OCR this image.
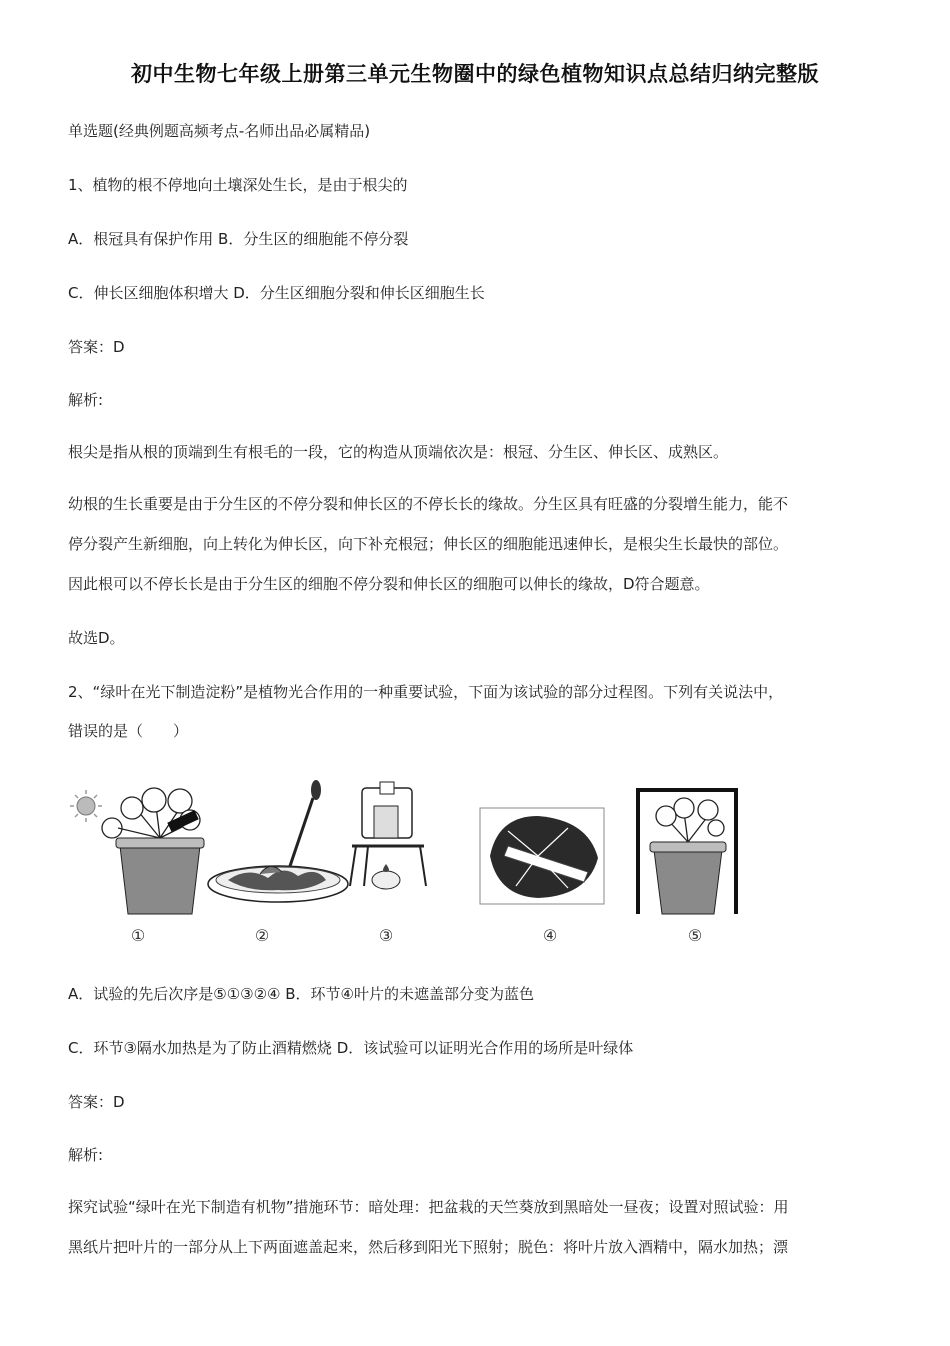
初中生物七年级上册第三单元生物圈中的绿色植物知识点总结归纳完整版
单选题(经典例题高频考点-名师出品必属精品)
1、植物的根不停地向土壤深处生长，是由于根尖的
A．根冠具有保护作用 B．分生区的细胞能不停分裂
C．伸长区细胞体积增大 D．分生区细胞分裂和伸长区细胞生长
答案：D
解析:
根尖是指从根的顶端到生有根毛的一段，它的构造从顶端依次是：根冠、分生区、伸长区、成熟区。
幼根的生长重要是由于分生区的不停分裂和伸长区的不停长长的缘故。分生区具有旺盛的分裂增生能力，能不
停分裂产生新细胞，向上转化为伸长区，向下补充根冠；伸长区的细胞能迅速伸长，是根尖生长最快的部位。
因此根可以不停长长是由于分生区的细胞不停分裂和伸长区的细胞可以伸长的缘故，D符合题意。
故选D。
2、“绿叶在光下制造淀粉”是植物光合作用的一种重要试验，下面为该试验的部分过程图。下列有关说法中，
错误的是（　　）
①	②	③	④	⑤
A．试验的先后次序是⑤①③②④ B．环节④叶片的未遮盖部分变为蓝色
C．环节③隔水加热是为了防止酒精燃烧 D．该试验可以证明光合作用的场所是叶绿体
答案：D
解析:
探究试验“绿叶在光下制造有机物”措施环节：暗处理：把盆栽的天竺葵放到黑暗处一昼夜；设置对照试验：用
黑纸片把叶片的一部分从上下两面遮盖起来，然后移到阳光下照射；脱色：将叶片放入酒精中，隔水加热；漂
